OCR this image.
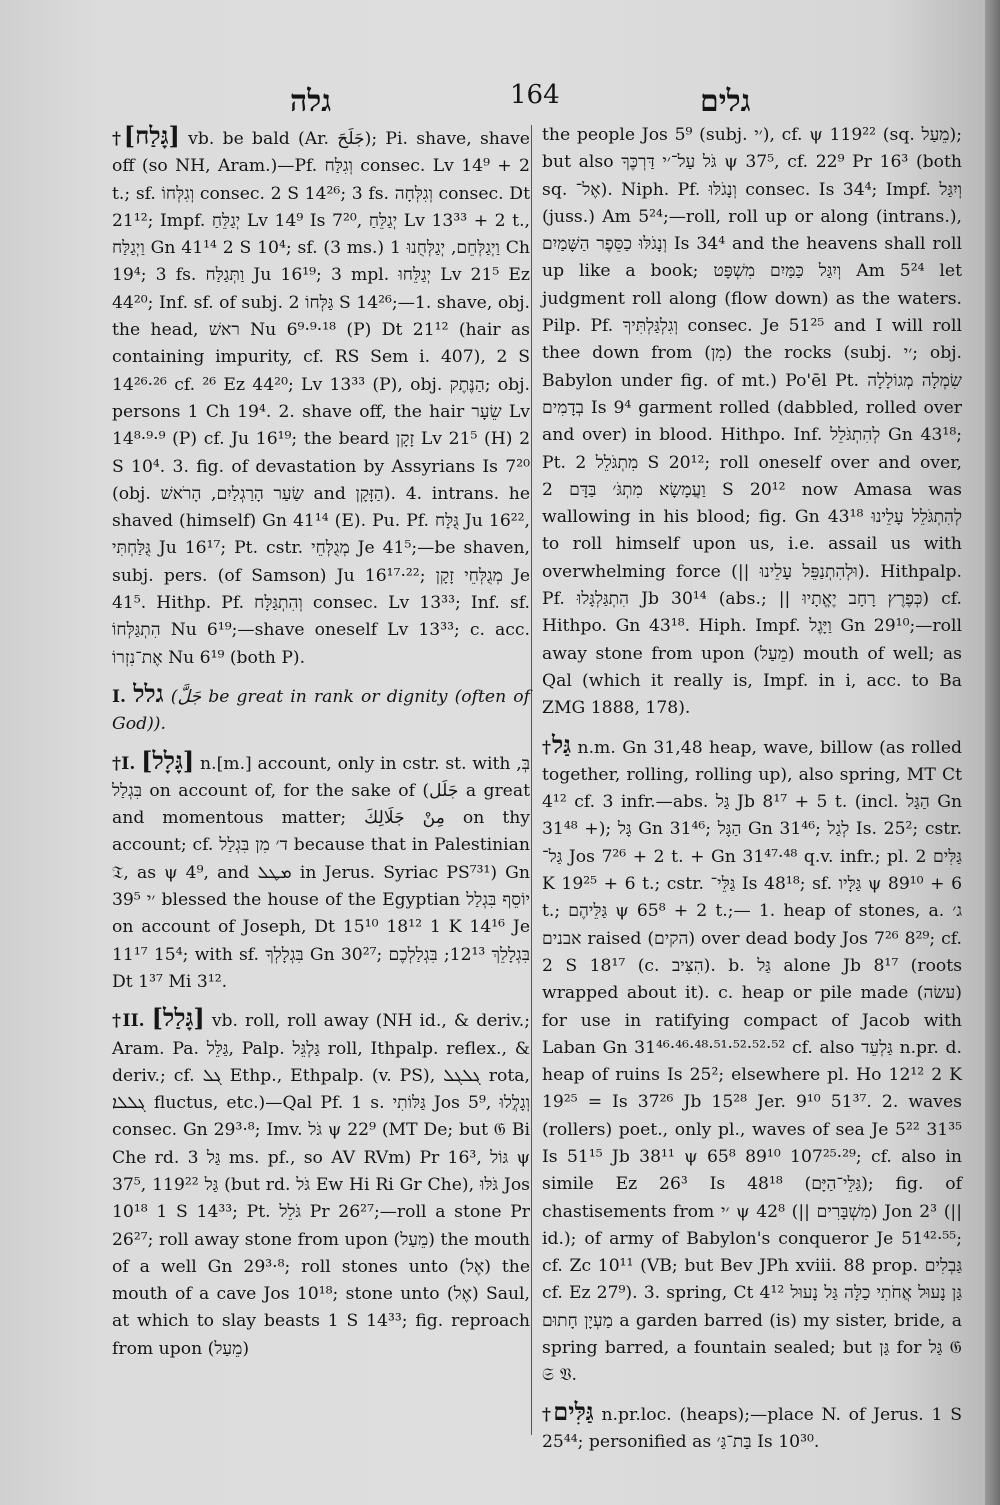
גלה	164	גלים

†[גָּלַח] vb. be bald (Ar. جَلَحَ); Pi. shave, shave off (so NH, Aram.)—Pf. וְגִלַּח consec. Lv 14⁹ + 2 t.; sf. וְגִלְּחוֹ consec. 2 S 14²⁶; 3 fs. וְגִלְּחָה consec. Dt 21¹²; Impf. יְגַלֵּחַ Lv 14⁹ Is 7²⁰, יְגַלֵּחַ Lv 13³³ + 2 t., וַיְגַלַּח Gn 41¹⁴ 2 S 10⁴; sf. (3 ms.) וַיְגַלְּחֵם, יְגַלְּחֻנוּ 1 Ch 19⁴; 3 fs. וַתְּגַלַּח Ju 16¹⁹; 3 mpl. יְגַלֵּחוּ Lv 21⁵ Ez 44²⁰; Inf. sf. of subj. גַּלְּחוֹ 2 S 14²⁶;—1. shave, obj. the head, ראשׁ Nu 6⁹·⁹·¹⁸ (P) Dt 21¹² (hair as containing impurity, cf. RS Sem i. 407), 2 S 14²⁶·²⁶ cf. ²⁶ Ez 44²⁰; Lv 13³³ (P), obj. הַנֶּתֶק; obj. persons 1 Ch 19⁴. 2. shave off, the hair שֵׂעָר Lv 14⁸·⁹·⁹ (P) cf. Ju 16¹⁹; the beard זָקָן Lv 21⁵ (H) 2 S 10⁴. 3. fig. of devastation by Assyrians Is 7²⁰ (obj. שַׂעַר הָרַגְלַיִם, הָרֹאשׁ and הַזָּקָן). 4. intrans. he shaved (himself) Gn 41¹⁴ (E). Pu. Pf. גֻּלָּח Ju 16²², גֻּלַּחְתִּי Ju 16¹⁷; Pt. cstr. מְגֻלְּחֵי Je 41⁵;—be shaven, subj. pers. (of Samson) Ju 16¹⁷·²²; מְגֻלְּחֵי זָקָן Je 41⁵. Hithp. Pf. וְהִתְגַּלָּח consec. Lv 13³³; Inf. sf. הִתְגַּלְּחוֹ Nu 6¹⁹;—shave oneself Lv 13³³; c. acc. אֶת־נִזְרוֹ Nu 6¹⁹ (both P).

I. גלל (جَلَّ be great in rank or dignity (often of God)).

†I. [גָּלָל] n.[m.] account, only in cstr. st. with בְּ, בִּגְלַל on account of, for the sake of (جَلَل a great and momentous matter; مِنْ جَلَالِكَ on thy account; cf. ד׳ מִן בִּגְלַל because that in Palestinian 𝔗, as ψ 4⁹, and ܡܛܠ in Jerus. Syriac PS⁷³¹) Gn 39⁵ ׳י blessed the house of the Egyptian יוֹסֵף בִּגְלַל on account of Joseph, Dt 15¹⁰ 18¹² 1 K 14¹⁶ Je 11¹⁷ 15⁴; with sf. בִּגְלָלְךָ Gn 30²⁷; בִּגְלָלֵךְ 12¹³; בִּגְלַלְכֶם Dt 1³⁷ Mi 3¹².

†II. [גָּלַל] vb. roll, roll away (NH id., & deriv.; Aram. Pa. גַּלֵּל, Palp. גַּלְגֵּל roll, Ithpalp. reflex., & deriv.; cf. ܓܠ Ethp., Ethpalp. (v. PS), ܓܠܓܠ rota, ܓܠܠܐ fluctus, etc.)—Qal Pf. 1 s. גַּלּוֹתִי Jos 5⁹, וְגָלֲלוּ consec. Gn 29³·⁸; Imv. גֹּל ψ 22⁹ (MT De; but 𝔊 Bi Che rd. גַּל 3 ms. pf., so AV RVm) Pr 16³, גּוֹל ψ 37⁵, גַּל 119²² (but rd. גֹּל Ew Hi Ri Gr Che), גֹּלּוּ Jos 10¹⁸ 1 S 14³³; Pt. גֹּלֵל Pr 26²⁷;—roll a stone Pr 26²⁷; roll away stone from upon (מֵעַל) the mouth of a well Gn 29³·⁸; roll stones unto (אֶל) the mouth of a cave Jos 10¹⁸; stone unto (אֶל) Saul, at which to slay beasts 1 S 14³³; fig. reproach from upon (מֵעַל)

the people Jos 5⁹ (subj. ׳י), cf. ψ 119²² (sq. מֵעַל); but also גֹּל עַל־׳י דַּרְכֶּךָ ψ 37⁵, cf. 22⁹ Pr 16³ (both sq. אֶל־). Niph. Pf. וְנָגֹלּוּ consec. Is 34⁴; Impf. וְיִגַּל (juss.) Am 5²⁴;—roll, roll up or along (intrans.), וְנָגֹלּוּ כַסֵּפֶר הַשָּׁמַיִם Is 34⁴ and the heavens shall roll up like a book; וְיִגַּל כַּמַּיִם מִשְׁפָּט Am 5²⁴ let judgment roll along (flow down) as the waters. Pilp. Pf. וְגִלְגַּלְתִּיךָ consec. Je 51²⁵ and I will roll thee down from (מִן) the rocks (subj. ׳י; obj. Babylon under fig. of mt.) Po'ēl Pt. שִׂמְלָה מְגוֹלָלָה בְדָמִים Is 9⁴ garment rolled (dabbled, rolled over and over) in blood. Hithpo. Inf. לְהִתְגֹּלֵל Gn 43¹⁸; Pt. מִתְגֹּלֵל 2 S 20¹²; roll oneself over and over, וַעֲמָשָׂא מִתְגֹּ׳ בַּדָּם 2 S 20¹² now Amasa was wallowing in his blood; fig. Gn 43¹⁸ לְהִתְגֹּלֵל עָלֵינוּ to roll himself upon us, i.e. assail us with overwhelming force (|| וּלְהִתְנַפֵּל עָלֵינוּ). Hithpalp. Pf. הִתְגַּלְגָּלוּ Jb 30¹⁴ (abs.; || כְּפֶרֶץ רָחָב יֶאֱתָיוּ) cf. Hithpo. Gn 43¹⁸. Hiph. Impf. וַיָּגֶל Gn 29¹⁰;—roll away stone from upon (מֵעַל) mouth of well; as Qal (which it really is, Impf. in i, acc. to Ba ZMG 1888, 178).

†גַּל n.m. Gn 31,48 heap, wave, billow (as rolled together, rolling, rolling up), also spring, MT Ct 4¹² cf. 3 infr.—abs. גַּל Jb 8¹⁷ + 5 t. (incl. הַגַּל Gn 31⁴⁸ +); גָּל Gn 31⁴⁶; הַגָּל Gn 31⁴⁶; לְגַל Is. 25²; cstr. גַּל־ Jos 7²⁶ + 2 t. + Gn 31⁴⁷·⁴⁸ q.v. infr.; pl. גַּלִּים 2 K 19²⁵ + 6 t.; cstr. גַּלֵּי־ Is 48¹⁸; sf. גַּלָּיו ψ 89¹⁰ + 6 t.; גַּלֵּיהֶם ψ 65⁸ + 2 t.;— 1. heap of stones, a. ג׳ אבנים raised (הקים) over dead body Jos 7²⁶ 8²⁹; cf. 2 S 18¹⁷ (c. הִצִּיב). b. גַּל alone Jb 8¹⁷ (roots wrapped about it). c. heap or pile made (עשׂה) for use in ratifying compact of Jacob with Laban Gn 31⁴⁶·⁴⁶·⁴⁸·⁵¹·⁵²·⁵²·⁵² cf. also גַּלְעֵד n.pr. d. heap of ruins Is 25²; elsewhere pl. Ho 12¹² 2 K 19²⁵ = Is 37²⁶ Jb 15²⁸ Jer. 9¹⁰ 51³⁷. 2. waves (rollers) poet., only pl., waves of sea Je 5²² 31³⁵ Is 51¹⁵ Jb 38¹¹ ψ 65⁸ 89¹⁰ 107²⁵·²⁹; cf. also in simile Ez 26³ Is 48¹⁸ (גַּלֵּי־הַיָּם); fig. of chastisements from ׳י ψ 42⁸ (|| מִשְׁבָּרִים) Jon 2³ (|| id.); of army of Babylon's conqueror Je 51⁴²·⁵⁵; cf. Zc 10¹¹ (VB; but Bev JPh xviii. 88 prop. גַּבְלִים cf. Ez 27⁹). 3. spring, Ct 4¹² גַּן נָעוּל אֲחֹתִי כַלָּה גַּל נָעוּל מַעְיָן חָתוּם a garden barred (is) my sister, bride, a spring barred, a fountain sealed; but גַּן for גַּל 𝔊 𝔖 𝔙.

†גַּלִּים n.pr.loc. (heaps);—place N. of Jerus. 1 S 25⁴⁴; personified as בַּת־גַּ׳ Is 10³⁰.
